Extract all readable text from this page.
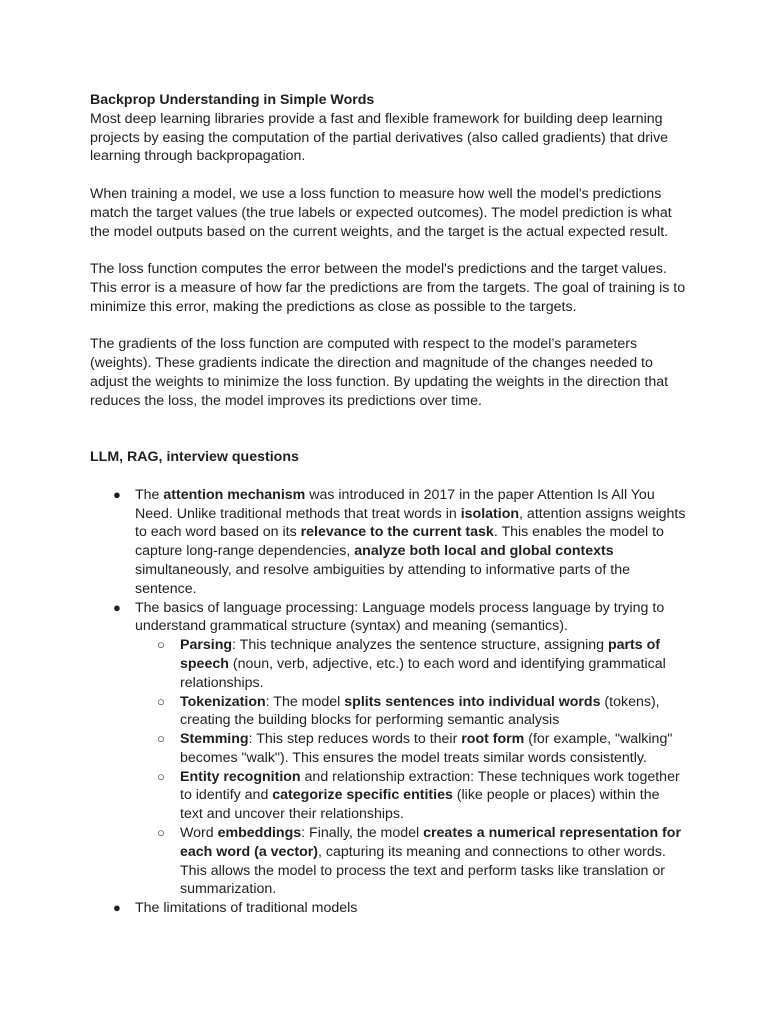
Backprop Understanding in Simple Words

Most deep learning libraries provide a fast and flexible framework for building deep learning projects by easing the computation of the partial derivatives (also called gradients) that drive learning through backpropagation.

When training a model, we use a loss function to measure how well the model's predictions match the target values (the true labels or expected outcomes). The model prediction is what the model outputs based on the current weights, and the target is the actual expected result.

The loss function computes the error between the model's predictions and the target values. This error is a measure of how far the predictions are from the targets. The goal of training is to minimize this error, making the predictions as close as possible to the targets.

The gradients of the loss function are computed with respect to the model’s parameters (weights). These gradients indicate the direction and magnitude of the changes needed to adjust the weights to minimize the loss function. By updating the weights in the direction that reduces the loss, the model improves its predictions over time.

LLM, RAG, interview questions

● The attention mechanism was introduced in 2017 in the paper Attention Is All You Need. Unlike traditional methods that treat words in isolation, attention assigns weights to each word based on its relevance to the current task. This enables the model to capture long-range dependencies, analyze both local and global contexts simultaneously, and resolve ambiguities by attending to informative parts of the sentence.
● The basics of language processing: Language models process language by trying to understand grammatical structure (syntax) and meaning (semantics).
○ Parsing: This technique analyzes the sentence structure, assigning parts of speech (noun, verb, adjective, etc.) to each word and identifying grammatical relationships.
○ Tokenization: The model splits sentences into individual words (tokens), creating the building blocks for performing semantic analysis
○ Stemming: This step reduces words to their root form (for example, "walking" becomes "walk"). This ensures the model treats similar words consistently.
○ Entity recognition and relationship extraction: These techniques work together to identify and categorize specific entities (like people or places) within the text and uncover their relationships.
○ Word embeddings: Finally, the model creates a numerical representation for each word (a vector), capturing its meaning and connections to other words. This allows the model to process the text and perform tasks like translation or summarization.
● The limitations of traditional models
